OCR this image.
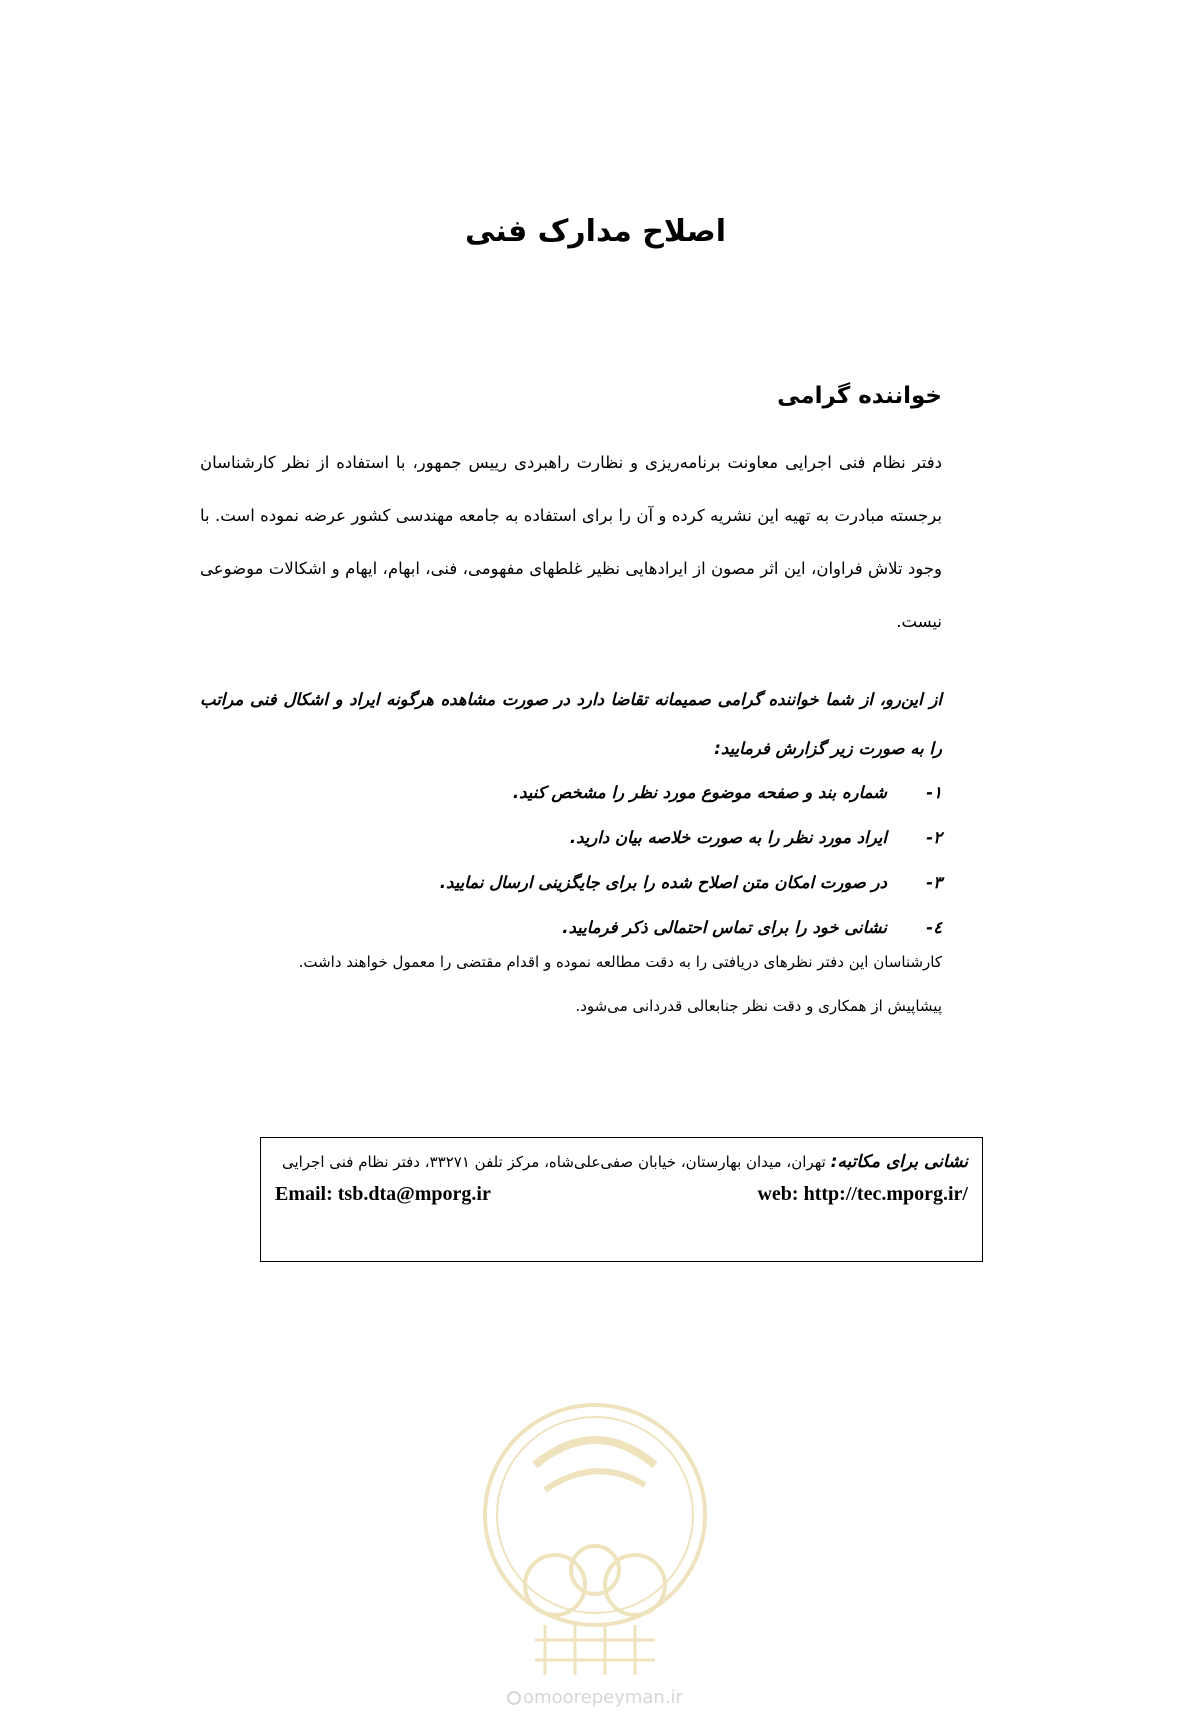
اصلاح مدارک فنی
خواننده گرامی
دفتر نظام فنی اجرایی معاونت برنامه‌ریزی و نظارت راهبردی رییس جمهور، با استفاده از نظر کارشناسان برجسته مبادرت به تهیه این نشریه کرده و آن را برای استفاده به جامعه مهندسی کشور عرضه نموده است. با وجود تلاش فراوان، این اثر مصون از ایرادهایی نظیر غلطهای مفهومی، فنی، ابهام، ایهام و اشکالات موضوعی نیست.
از این‌رو، از شما خواننده گرامی صمیمانه تقاضا دارد در صورت مشاهده هرگونه ایراد و اشکال فنی مراتب را به صورت زیر گزارش فرمایید:
۱-شماره بند و صفحه موضوع مورد نظر را مشخص کنید.
۲-ایراد مورد نظر را به صورت خلاصه بیان دارید.
۳-در صورت امکان متن اصلاح شده را برای جایگزینی ارسال نمایید.
٤-نشانی خود را برای تماس احتمالی ذکر فرمایید.
کارشناسان این دفتر نظرهای دریافتی را به دقت مطالعه نموده و اقدام مقتضی را معمول خواهند داشت.
پیشاپیش از همکاری و دقت نظر جنابعالی قدردانی می‌شود.
نشانی برای مکاتبه: تهران، میدان بهارستان، خیابان صفی‌علی‌شاه، مرکز تلفن ۳۳۲۷۱، دفتر نظام فنی اجرایی
Email: tsb.dta@mporg.ir	web: http://tec.mporg.ir/
omoorepeyman.ir
